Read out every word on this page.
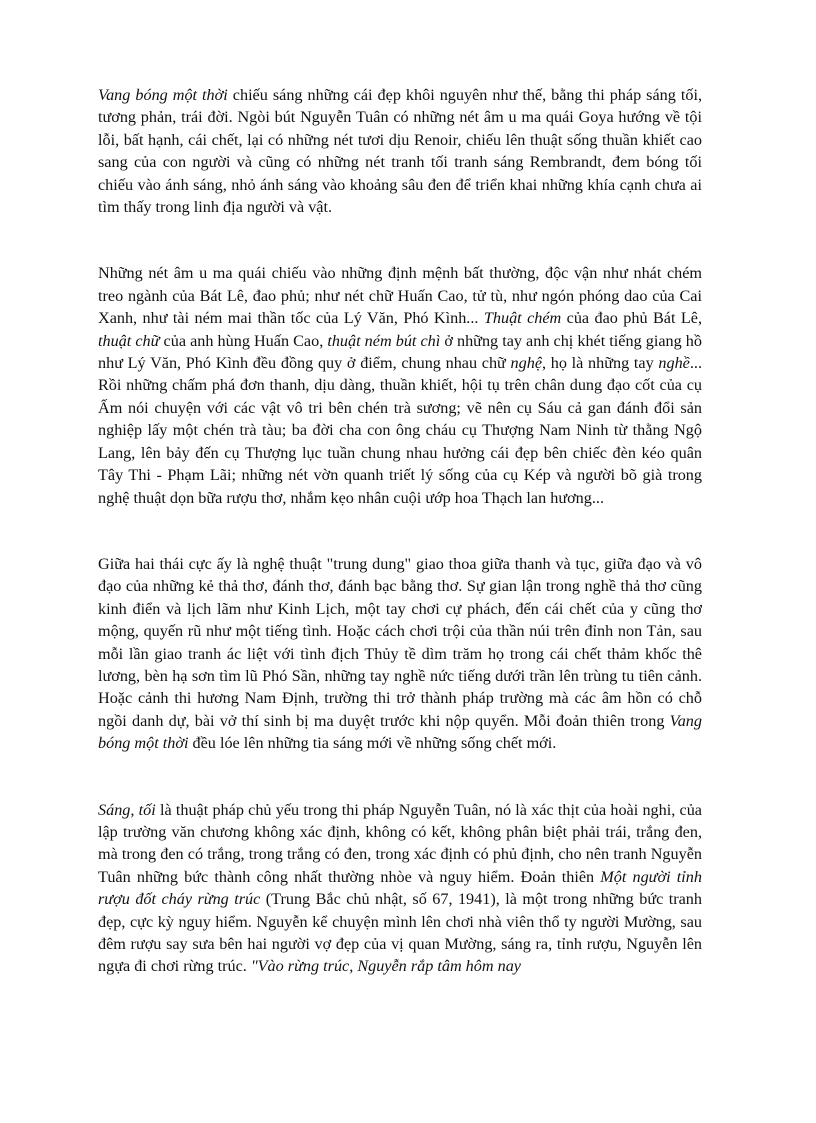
Vang bóng một thời chiếu sáng những cái đẹp khôi nguyên như thế, bằng thi pháp sáng tối, tương phản, trái đời. Ngòi bút Nguyễn Tuân có những nét âm u ma quái Goya hướng về tội lỗi, bất hạnh, cái chết, lại có những nét tươi dịu Renoir, chiếu lên thuật sống thuần khiết cao sang của con người và cũng có những nét tranh tối tranh sáng Rembrandt, đem bóng tối chiếu vào ánh sáng, nhỏ ánh sáng vào khoảng sâu đen để triển khai những khía cạnh chưa ai tìm thấy trong linh địa người và vật.

Những nét âm u ma quái chiếu vào những định mệnh bất thường, độc vận như nhát chém treo ngành của Bát Lê, đao phủ; như nét chữ Huấn Cao, tử tù, như ngón phóng dao của Cai Xanh, như tài ném mai thần tốc của Lý Văn, Phó Kình... Thuật chém của đao phủ Bát Lê, thuật chữ của anh hùng Huấn Cao, thuật ném bút chì ở những tay anh chị khét tiếng giang hồ như Lý Văn, Phó Kình đều đồng quy ở điểm, chung nhau chữ nghệ, họ là những tay nghề... Rồi những chấm phá đơn thanh, dịu dàng, thuần khiết, hội tụ trên chân dung đạo cốt của cụ Ấm nói chuyện với các vật vô tri bên chén trà sương; vẽ nên cụ Sáu cả gan đánh đổi sản nghiệp lấy một chén trà tàu; ba đời cha con ông cháu cụ Thượng Nam Ninh từ thằng Ngộ Lang, lên bảy đến cụ Thượng lục tuần chung nhau hưởng cái đẹp bên chiếc đèn kéo quân Tây Thi - Phạm Lãi; những nét vờn quanh triết lý sống của cụ Kép và người bõ già trong nghệ thuật dọn bữa rượu thơ, nhắm kẹo nhân cuội ướp hoa Thạch lan hương...

Giữa hai thái cực ấy là nghệ thuật "trung dung" giao thoa giữa thanh và tục, giữa đạo và vô đạo của những kẻ thả thơ, đánh thơ, đánh bạc bằng thơ. Sự gian lận trong nghề thả thơ cũng kinh điển và lịch lãm như Kinh Lịch, một tay chơi cự phách, đến cái chết của y cũng thơ mộng, quyến rũ như một tiếng tình. Hoặc cách chơi trội của thần núi trên đỉnh non Tản, sau mỗi lần giao tranh ác liệt với tình địch Thủy tề dìm trăm họ trong cái chết thảm khốc thê lương, bèn hạ sơn tìm lũ Phó Sần, những tay nghề nức tiếng dưới trần lên trùng tu tiên cảnh. Hoặc cảnh thi hương Nam Định, trường thi trở thành pháp trường mà các âm hồn có chỗ ngồi danh dự, bài vở thí sinh bị ma duyệt trước khi nộp quyển. Mỗi đoản thiên trong Vang bóng một thời đều lóe lên những tia sáng mới về những sống chết mới.

Sáng, tối là thuật pháp chủ yếu trong thi pháp Nguyễn Tuân, nó là xác thịt của hoài nghi, của lập trường văn chương không xác định, không có kết, không phân biệt phải trái, trắng đen, mà trong đen có trắng, trong trắng có đen, trong xác định có phủ định, cho nên tranh Nguyễn Tuân những bức thành công nhất thường nhòe và nguy hiểm. Đoản thiên Một người tỉnh rượu đốt cháy rừng trúc (Trung Bắc chủ nhật, số 67, 1941), là một trong những bức tranh đẹp, cực kỳ nguy hiểm. Nguyễn kể chuyện mình lên chơi nhà viên thổ ty người Mường, sau đêm rượu say sưa bên hai người vợ đẹp của vị quan Mường, sáng ra, tỉnh rượu, Nguyễn lên ngựa đi chơi rừng trúc. "Vào rừng trúc, Nguyễn rắp tâm hôm nay
